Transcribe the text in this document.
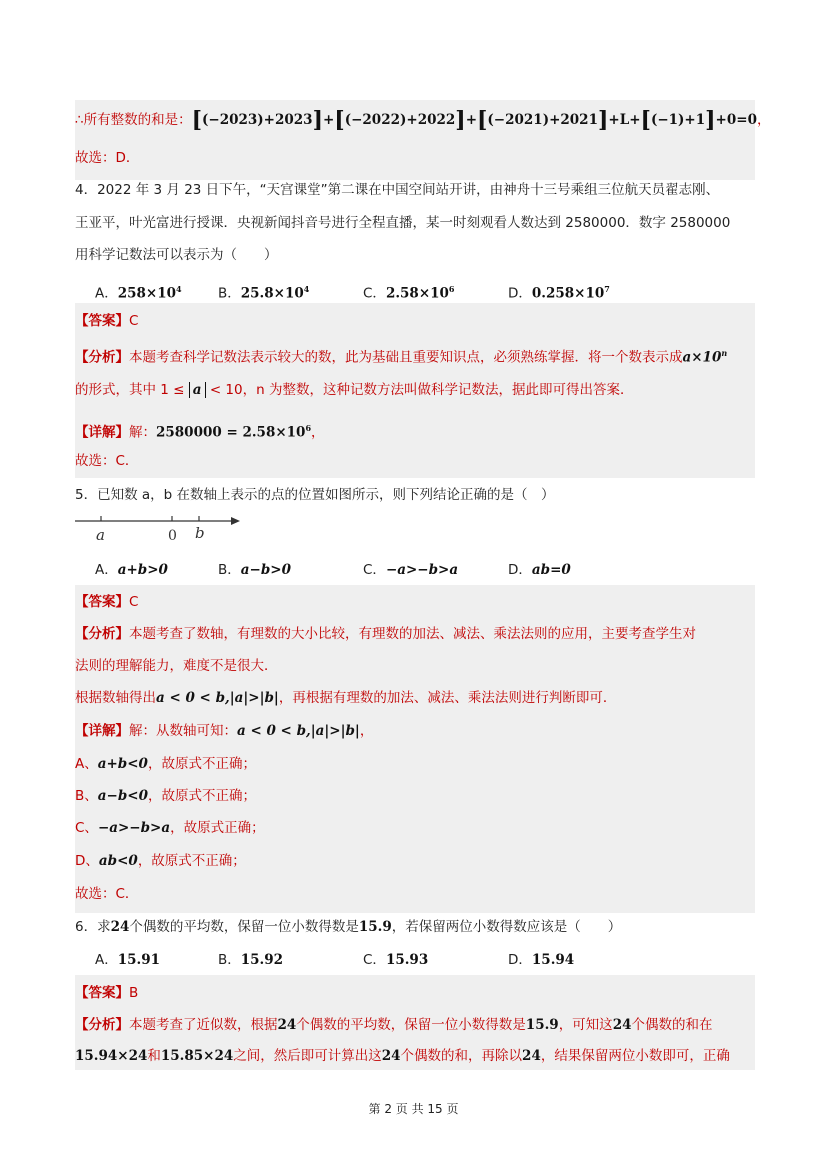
∴所有整数的和是：[(−2023)+2023]+[(−2022)+2022]+[(−2021)+2021]+L+[(−1)+1]+0=0，
故选：D．
4．2022 年 3 月 23 日下午，“天宫课堂”第二课在中国空间站开讲，由神舟十三号乘组三位航天员翟志刚、
王亚平，叶光富进行授课．央视新闻抖音号进行全程直播，某一时刻观看人数达到 2580000．数字 2580000
用科学记数法可以表示为（　　）
A．$258\times 10^4$	B．$25.8\times 10^4$	C．$2.58\times 10^6$	D．$0.258\times 10^7$
【答案】C
【分析】本题考查科学记数法表示较大的数，此为基础且重要知识点，必须熟练掌握．将一个数表示成$a\times 10^n$
的形式，其中 1 ≤ a < 10，n 为整数，这种记数方法叫做科学记数法，据此即可得出答案．
【详解】解：$2580000 = 2.58\times 10^6$，
故选：C．
5．已知数 a，b 在数轴上表示的点的位置如图所示，则下列结论正确的是（　）
a	0 b
A．a+b>0	B．a−b>0	C．−a>−b>a	D．ab=0
【答案】C
【分析】本题考查了数轴，有理数的大小比较，有理数的加法、减法、乘法法则的应用，主要考查学生对
法则的理解能力，难度不是很大．
根据数轴得出a < 0 < b,|a|>|b|，再根据有理数的加法、减法、乘法法则进行判断即可．
【详解】解：从数轴可知：a < 0 < b,|a|>|b|，
A、a+b<0，故原式不正确；
B、a−b<0，故原式不正确；
C、−a>−b>a，故原式正确；
D、ab<0，故原式不正确；
故选：C．
6．求24个偶数的平均数，保留一位小数得数是15.9，若保留两位小数得数应该是（　　）
A．15.91	B．15.92	C．15.93	D．15.94
【答案】B
【分析】本题考查了近似数，根据24个偶数的平均数，保留一位小数得数是15.9，可知这24个偶数的和在
15.94×24和15.85×24之间，然后即可计算出这24个偶数的和，再除以24，结果保留两位小数即可，正确
第 2 页 共 15 页
